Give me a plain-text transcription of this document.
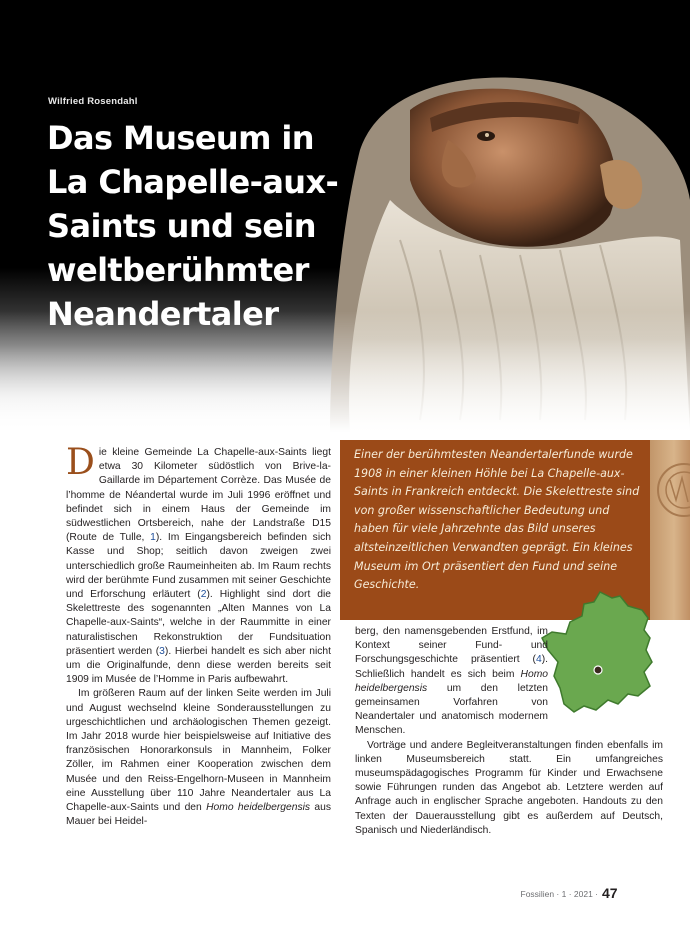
Wilfried Rosendahl
Das Museum in
La Chapelle-aux-
Saints und sein
weltberühmter
Neandertaler

Die kleine Gemeinde La Chapelle-aux-Saints liegt etwa 30 Kilometer südöstlich von Brive-la-Gaillarde im Département Corrèze. Das Musée de l’homme de Néandertal wurde im Juli 1996 eröffnet und befindet sich in einem Haus der Gemeinde im südwestlichen Ortsbereich, nahe der Landstraße D15 (Route de Tulle, 1). Im Eingangsbereich befinden sich Kasse und Shop; seitlich davon zweigen zwei unterschiedlich große Raumeinheiten ab. Im Raum rechts wird der berühmte Fund zusammen mit seiner Geschichte und Erforschung erläutert (2). Highlight sind dort die Skelettreste des sogenannten „Alten Mannes von La Chapelle-aux-Saints“, welche in der Raummitte in einer naturalistischen Rekonstruktion der Fundsituation präsentiert werden (3). Hierbei handelt es sich aber nicht um die Originalfunde, denn diese werden bereits seit 1909 im Musée de l’Homme in Paris aufbewahrt.

Im größeren Raum auf der linken Seite werden im Juli und August wechselnd kleine Sonderausstellungen zu urgeschichtlichen und archäologischen Themen gezeigt. Im Jahr 2018 wurde hier beispielsweise auf Initiative des französischen Honorarkonsuls in Mannheim, Folker Zöller, im Rahmen einer Kooperation zwischen dem Musée und den Reiss-Engelhorn-Museen in Mannheim eine Ausstellung über 110 Jahre Neandertaler aus La Chapelle-aux-Saints und den Homo heidelbergensis aus Mauer bei Heidel-

Einer der berühmtesten Neandertalerfunde wurde 1908 in einer kleinen Höhle bei La Chapelle-aux-Saints in Frankreich entdeckt. Die Skelettreste sind von großer wissenschaftlicher Bedeutung und haben für viele Jahrzehnte das Bild unseres altsteinzeitlichen Verwandten geprägt. Ein kleines Museum im Ort präsentiert den Fund und seine Geschichte.

berg, den namensgebenden Erstfund, im Kontext seiner Fund- und Forschungsgeschichte präsentiert (4). Schließlich handelt es sich beim Homo heidelbergensis um den letzten gemeinsamen Vorfahren von Neandertaler und anatomisch modernem Menschen.

Vorträge und andere Begleitveranstaltungen finden ebenfalls im linken Museumsbereich statt. Ein umfangreiches museumspädagogisches Programm für Kinder und Erwachsene sowie Führungen runden das Angebot ab. Letztere werden auf Anfrage auch in englischer Sprache angeboten. Handouts zu den Texten der Dauerausstellung gibt es außerdem auf Deutsch, Spanisch und Niederländisch.

Fossilien · 1 · 2021 · 47
